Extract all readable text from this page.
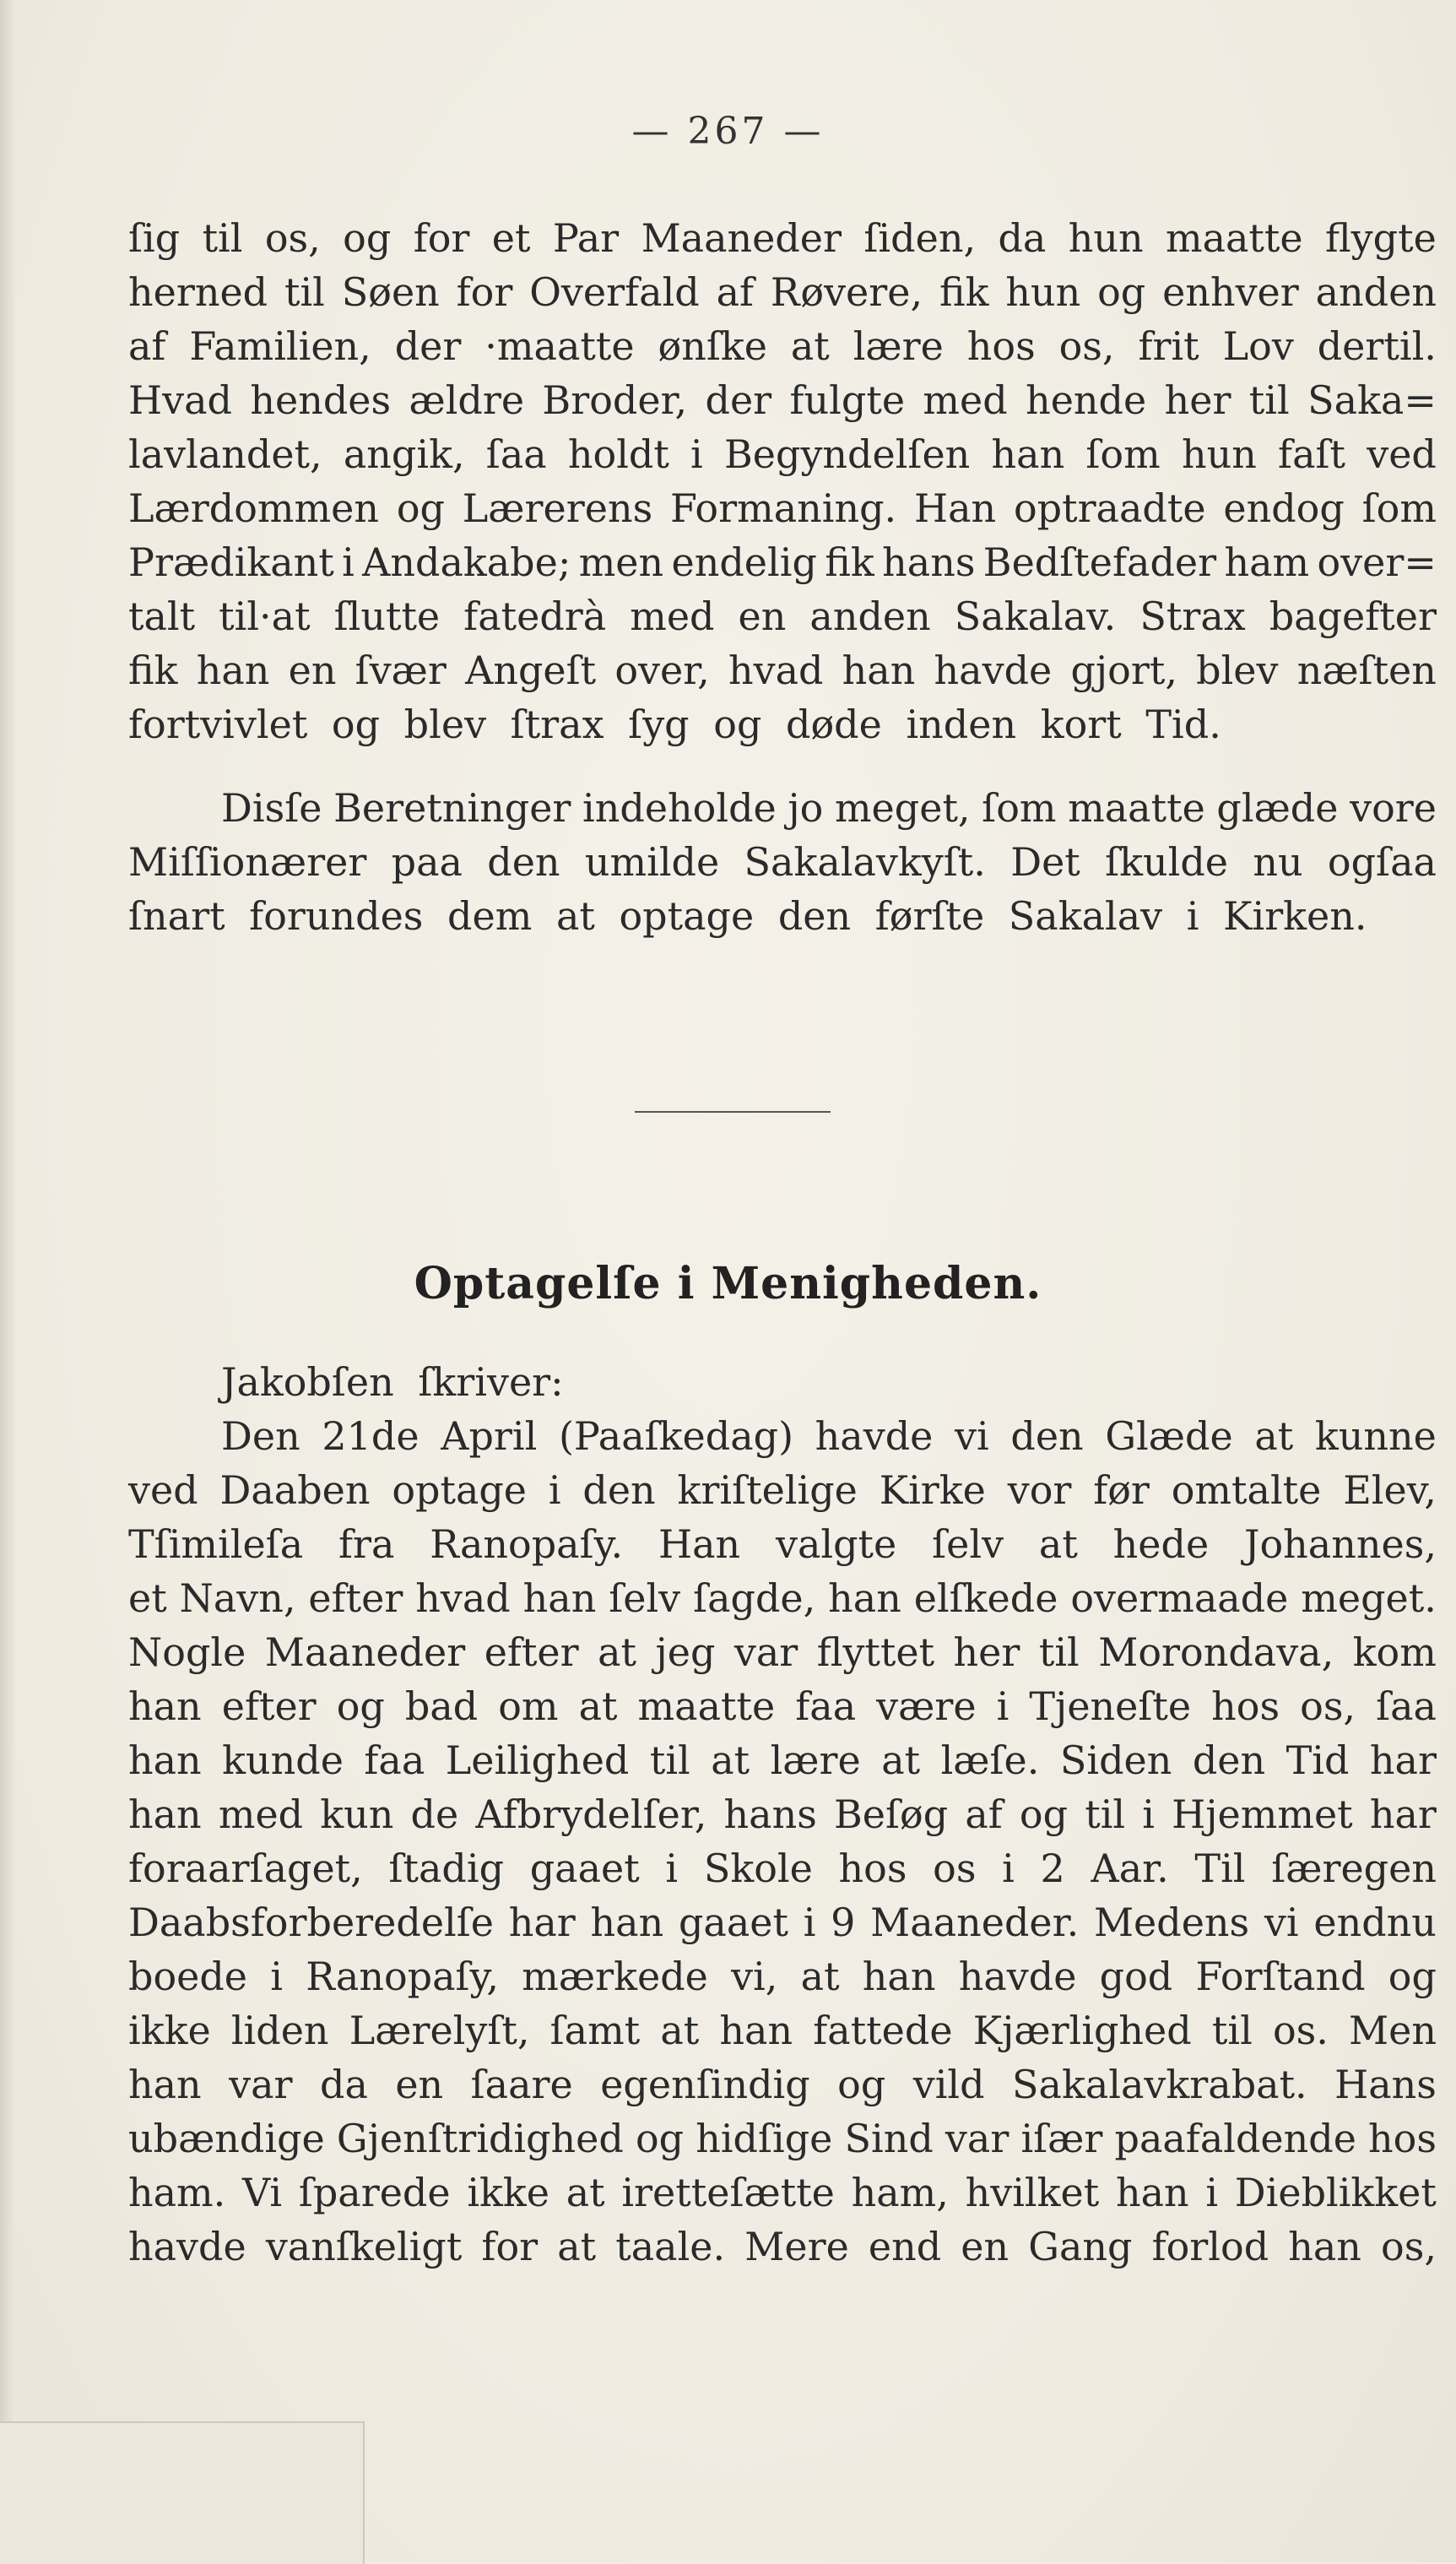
— 267 —
ſig til os, og for et Par Maaneder ſiden, da hun maatte flygte
herned til Søen for Overfald af Røvere, fik hun og enhver anden
af Familien, der ·maatte ønſke at lære hos os, frit Lov dertil.
Hvad hendes ældre Broder, der fulgte med hende her til Saka=
lavlandet, angik, ſaa holdt i Begyndelſen han ſom hun faſt ved
Lærdommen og Lærerens Formaning. Han optraadte endog ſom
Prædikant i Andakabe; men endelig fik hans Bedſtefader ham over=
talt til·at ſlutte fatedrà med en anden Sakalav. Strax bagefter
fik han en ſvær Angeſt over, hvad han havde gjort, blev næſten
fortvivlet og blev ſtrax ſyg og døde inden kort Tid.
Disſe Beretninger indeholde jo meget, ſom maatte glæde vore
Miſſionærer paa den umilde Sakalavkyſt. Det ſkulde nu ogſaa
ſnart forundes dem at optage den førſte Sakalav i Kirken.
Optagelſe i Menigheden.
Jakobſen ſkriver:
Den 21de April (Paaſkedag) havde vi den Glæde at kunne
ved Daaben optage i den kriſtelige Kirke vor før omtalte Elev,
Tſimileſa fra Ranopaſy. Han valgte ſelv at hede Johannes,
et Navn, efter hvad han ſelv ſagde, han elſkede overmaade meget.
Nogle Maaneder efter at jeg var flyttet her til Morondava, kom
han efter og bad om at maatte faa være i Tjeneſte hos os, ſaa
han kunde faa Leilighed til at lære at læſe. Siden den Tid har
han med kun de Afbrydelſer, hans Beſøg af og til i Hjemmet har
foraarſaget, ſtadig gaaet i Skole hos os i 2 Aar. Til ſæregen
Daabsforberedelſe har han gaaet i 9 Maaneder. Medens vi endnu
boede i Ranopaſy, mærkede vi, at han havde god Forſtand og
ikke liden Lærelyſt, ſamt at han fattede Kjærlighed til os. Men
han var da en ſaare egenſindig og vild Sakalavkrabat. Hans
ubændige Gjenſtridighed og hidſige Sind var iſær paafaldende hos
ham. Vi ſparede ikke at iretteſætte ham, hvilket han i Dieblikket
havde vanſkeligt for at taale. Mere end en Gang forlod han os,
